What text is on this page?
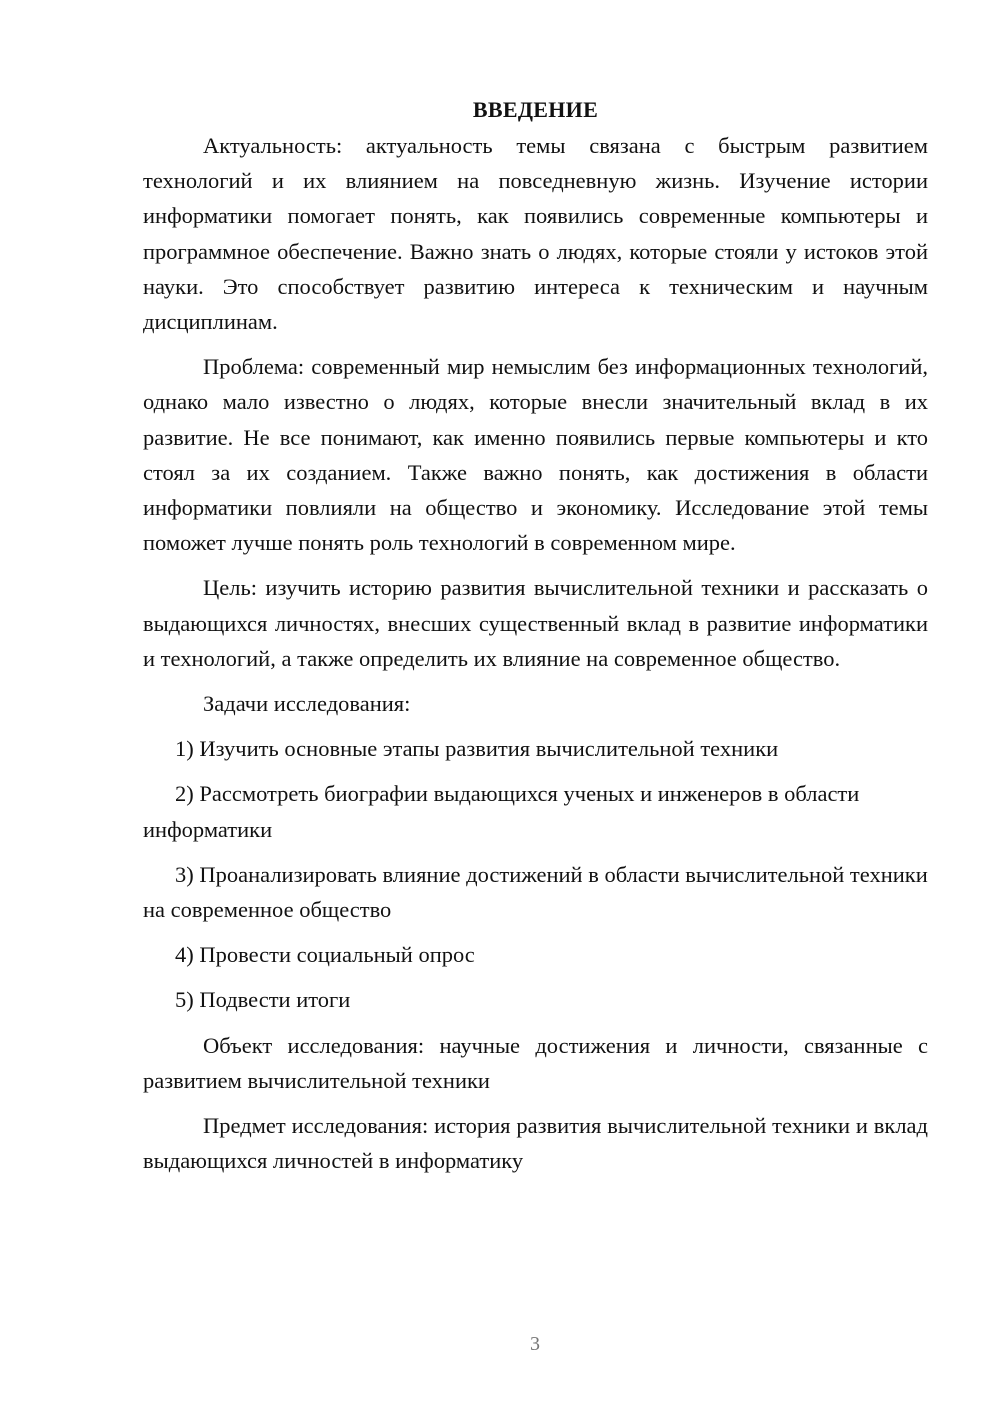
ВВЕДЕНИЕ

Актуальность: актуальность темы связана с быстрым развитием технологий и их влиянием на повседневную жизнь. Изучение истории информатики помогает понять, как появились современные компьютеры и программное обеспечение. Важно знать о людях, которые стояли у истоков этой науки. Это способствует развитию интереса к техническим и научным дисциплинам.

Проблема: современный мир немыслим без информационных технологий, однако мало известно о людях, которые внесли значительный вклад в их развитие. Не все понимают, как именно появились первые компьютеры и кто стоял за их созданием. Также важно понять, как достижения в области информатики повлияли на общество и экономику. Исследование этой темы поможет лучше понять роль технологий в современном мире.

Цель: изучить историю развития вычислительной техники и рассказать о выдающихся личностях, внесших существенный вклад в развитие информатики и технологий, а также определить их влияние на современное общество.

Задачи исследования:

1) Изучить основные этапы развития вычислительной техники

2) Рассмотреть биографии выдающихся ученых и инженеров в области информатики

3) Проанализировать влияние достижений в области вычислительной техники на современное общество

4) Провести социальный опрос

5) Подвести итоги

Объект исследования: научные достижения и личности, связанные с развитием вычислительной техники

Предмет исследования: история развития вычислительной техники и вклад выдающихся личностей в информатику

3
